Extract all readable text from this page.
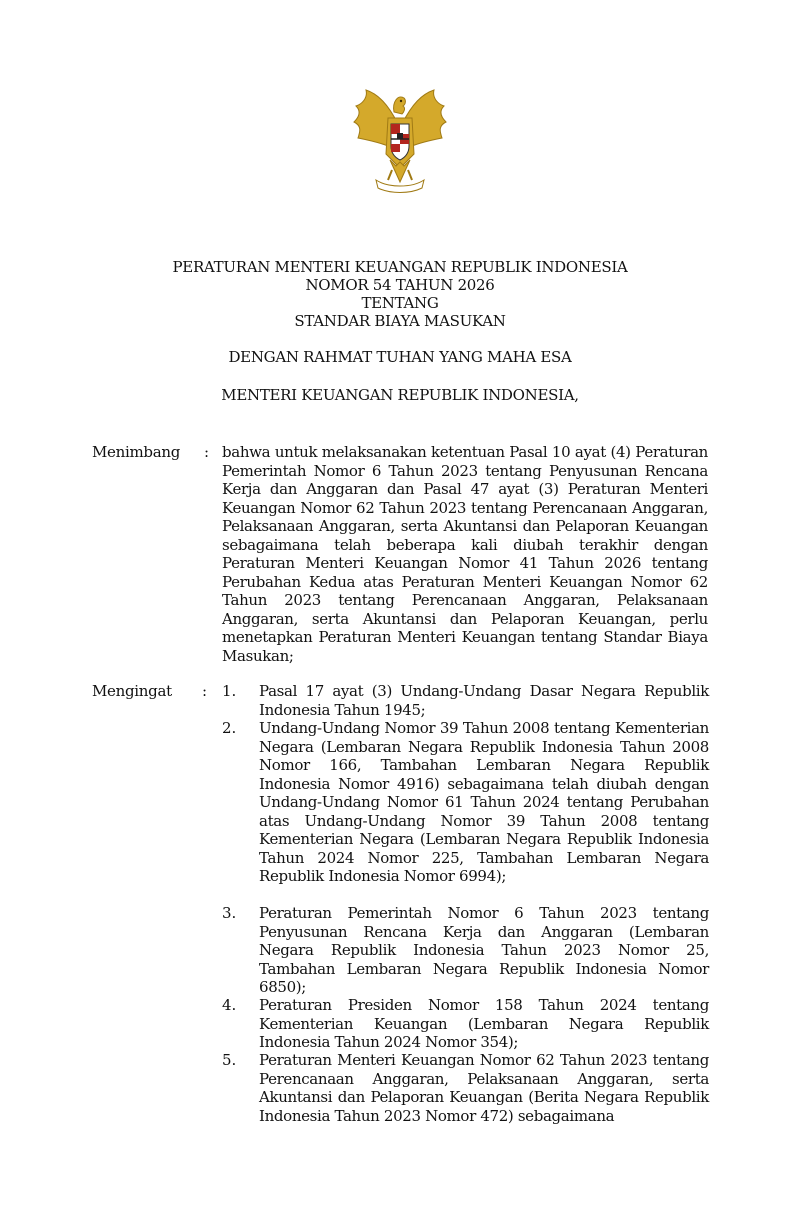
PERATURAN MENTERI KEUANGAN REPUBLIK INDONESIA
NOMOR 54 TAHUN 2026
TENTANG
STANDAR BIAYA MASUKAN
DENGAN RAHMAT TUHAN YANG MAHA ESA
MENTERI KEUANGAN REPUBLIK INDONESIA,
Menimbang : bahwa untuk melaksanakan ketentuan Pasal 10 ayat (4) Peraturan Pemerintah Nomor 6 Tahun 2023 tentang Penyusunan Rencana Kerja dan Anggaran dan Pasal 47 ayat (3) Peraturan Menteri Keuangan Nomor 62 Tahun 2023 tentang Perencanaan Anggaran, Pelaksanaan Anggaran, serta Akuntansi dan Pelaporan Keuangan sebagaimana telah beberapa kali diubah terakhir dengan Peraturan Menteri Keuangan Nomor 41 Tahun 2026 tentang Perubahan Kedua atas Peraturan Menteri Keuangan Nomor 62 Tahun 2023 tentang Perencanaan Anggaran, Pelaksanaan Anggaran, serta Akuntansi dan Pelaporan Keuangan, perlu menetapkan Peraturan Menteri Keuangan tentang Standar Biaya Masukan;
Mengingat : 1. Pasal 17 ayat (3) Undang-Undang Dasar Negara Republik Indonesia Tahun 1945;
2. Undang-Undang Nomor 39 Tahun 2008 tentang Kementerian Negara (Lembaran Negara Republik Indonesia Tahun 2008 Nomor 166, Tambahan Lembaran Negara Republik Indonesia Nomor 4916) sebagaimana telah diubah dengan Undang-Undang Nomor 61 Tahun 2024 tentang Perubahan atas Undang-Undang Nomor 39 Tahun 2008 tentang Kementerian Negara (Lembaran Negara Republik Indonesia Tahun 2024 Nomor 225, Tambahan Lembaran Negara Republik Indonesia Nomor 6994);
3. Peraturan Pemerintah Nomor 6 Tahun 2023 tentang Penyusunan Rencana Kerja dan Anggaran (Lembaran Negara Republik Indonesia Tahun 2023 Nomor 25, Tambahan Lembaran Negara Republik Indonesia Nomor 6850);
4. Peraturan Presiden Nomor 158 Tahun 2024 tentang Kementerian Keuangan (Lembaran Negara Republik Indonesia Tahun 2024 Nomor 354);
5. Peraturan Menteri Keuangan Nomor 62 Tahun 2023 tentang Perencanaan Anggaran, Pelaksanaan Anggaran, serta Akuntansi dan Pelaporan Keuangan (Berita Negara Republik Indonesia Tahun 2023 Nomor 472) sebagaimana
